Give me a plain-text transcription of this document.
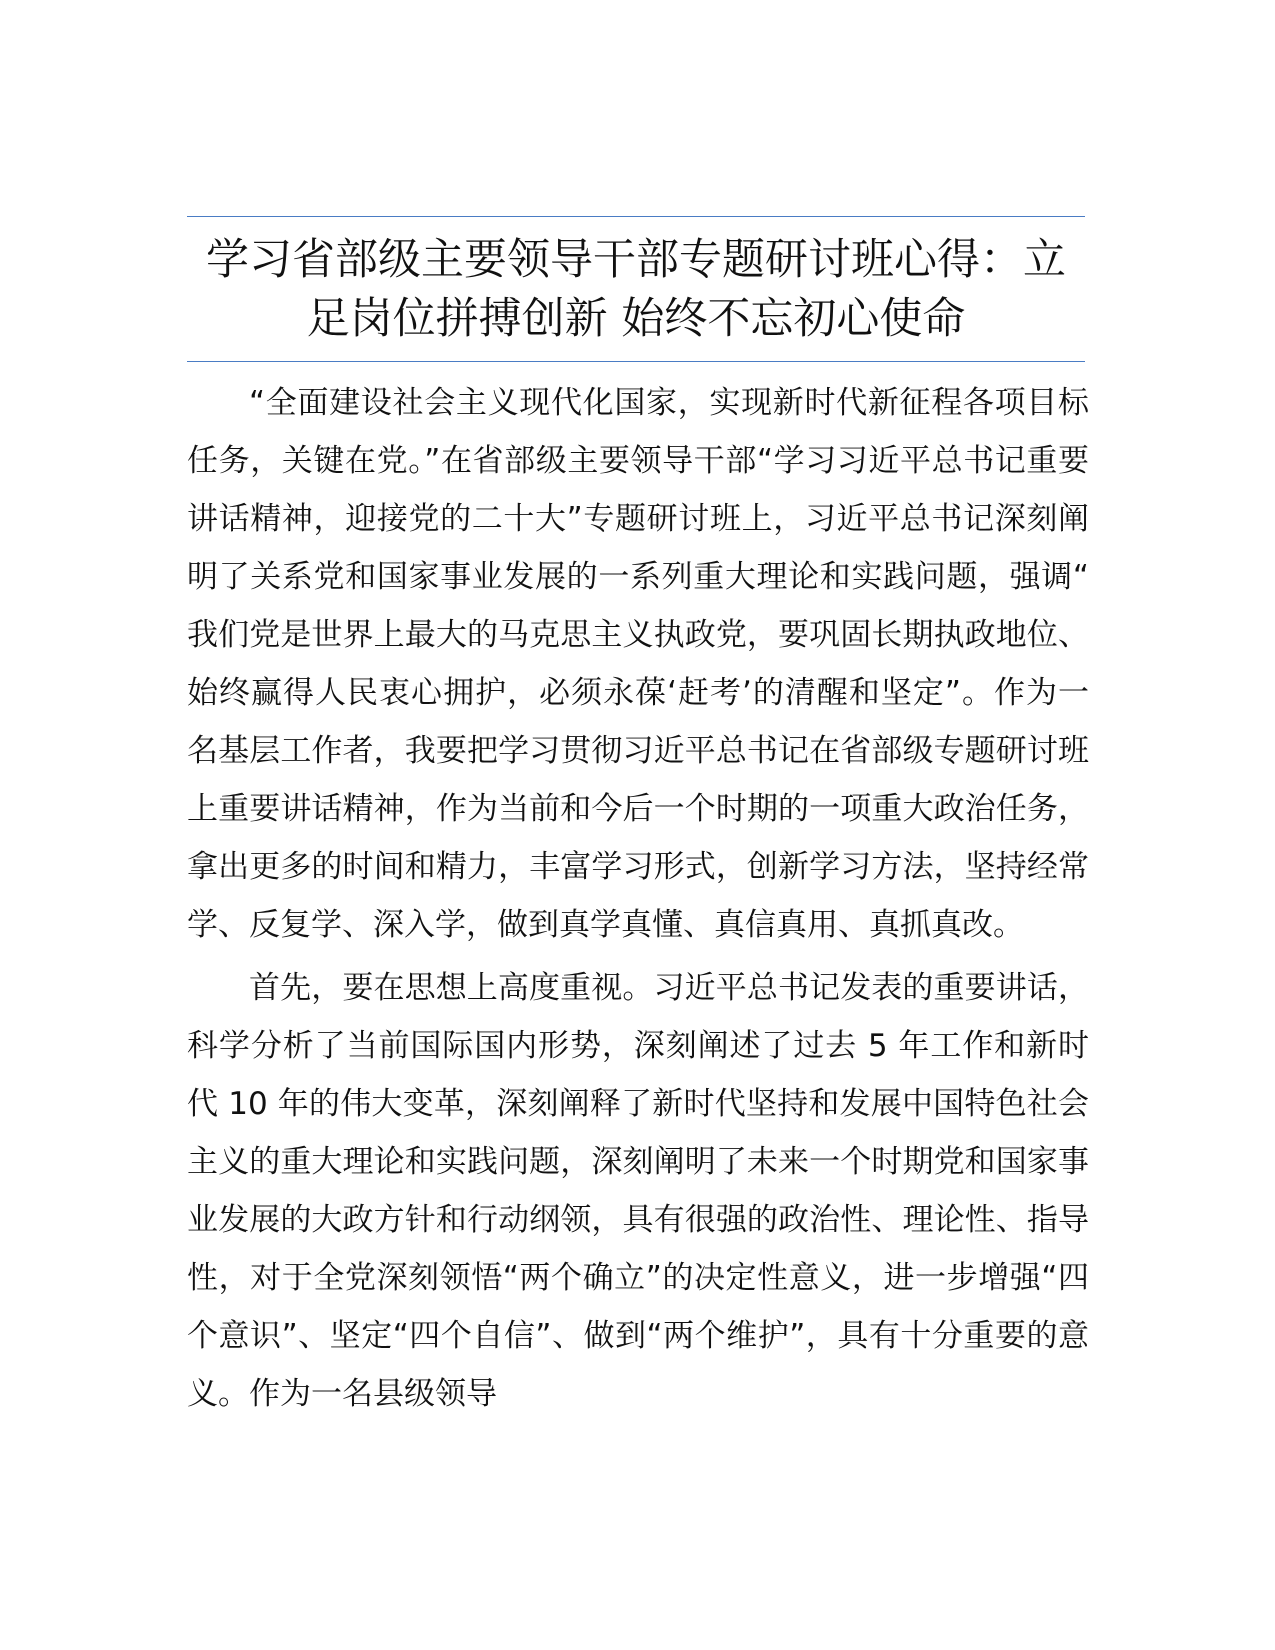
学习省部级主要领导干部专题研讨班心得：立足岗位拼搏创新 始终不忘初心使命

“全面建设社会主义现代化国家，实现新时代新征程各项目标任务，关键在党。”在省部级主要领导干部“学习习近平总书记重要讲话精神，迎接党的二十大”专题研讨班上，习近平总书记深刻阐明了关系党和国家事业发展的一系列重大理论和实践问题，强调“我们党是世界上最大的马克思主义执政党，要巩固长期执政地位、始终赢得人民衷心拥护，必须永葆‘赶考’的清醒和坚定”。作为一名基层工作者，我要把学习贯彻习近平总书记在省部级专题研讨班上重要讲话精神，作为当前和今后一个时期的一项重大政治任务，拿出更多的时间和精力，丰富学习形式，创新学习方法，坚持经常学、反复学、深入学，做到真学真懂、真信真用、真抓真改。

首先，要在思想上高度重视。习近平总书记发表的重要讲话，科学分析了当前国际国内形势，深刻阐述了过去 5 年工作和新时代 10 年的伟大变革，深刻阐释了新时代坚持和发展中国特色社会主义的重大理论和实践问题，深刻阐明了未来一个时期党和国家事业发展的大政方针和行动纲领，具有很强的政治性、理论性、指导性，对于全党深刻领悟“两个确立”的决定性意义，进一步增强“四个意识”、坚定“四个自信”、做到“两个维护”，具有十分重要的意义。作为一名县级领导
